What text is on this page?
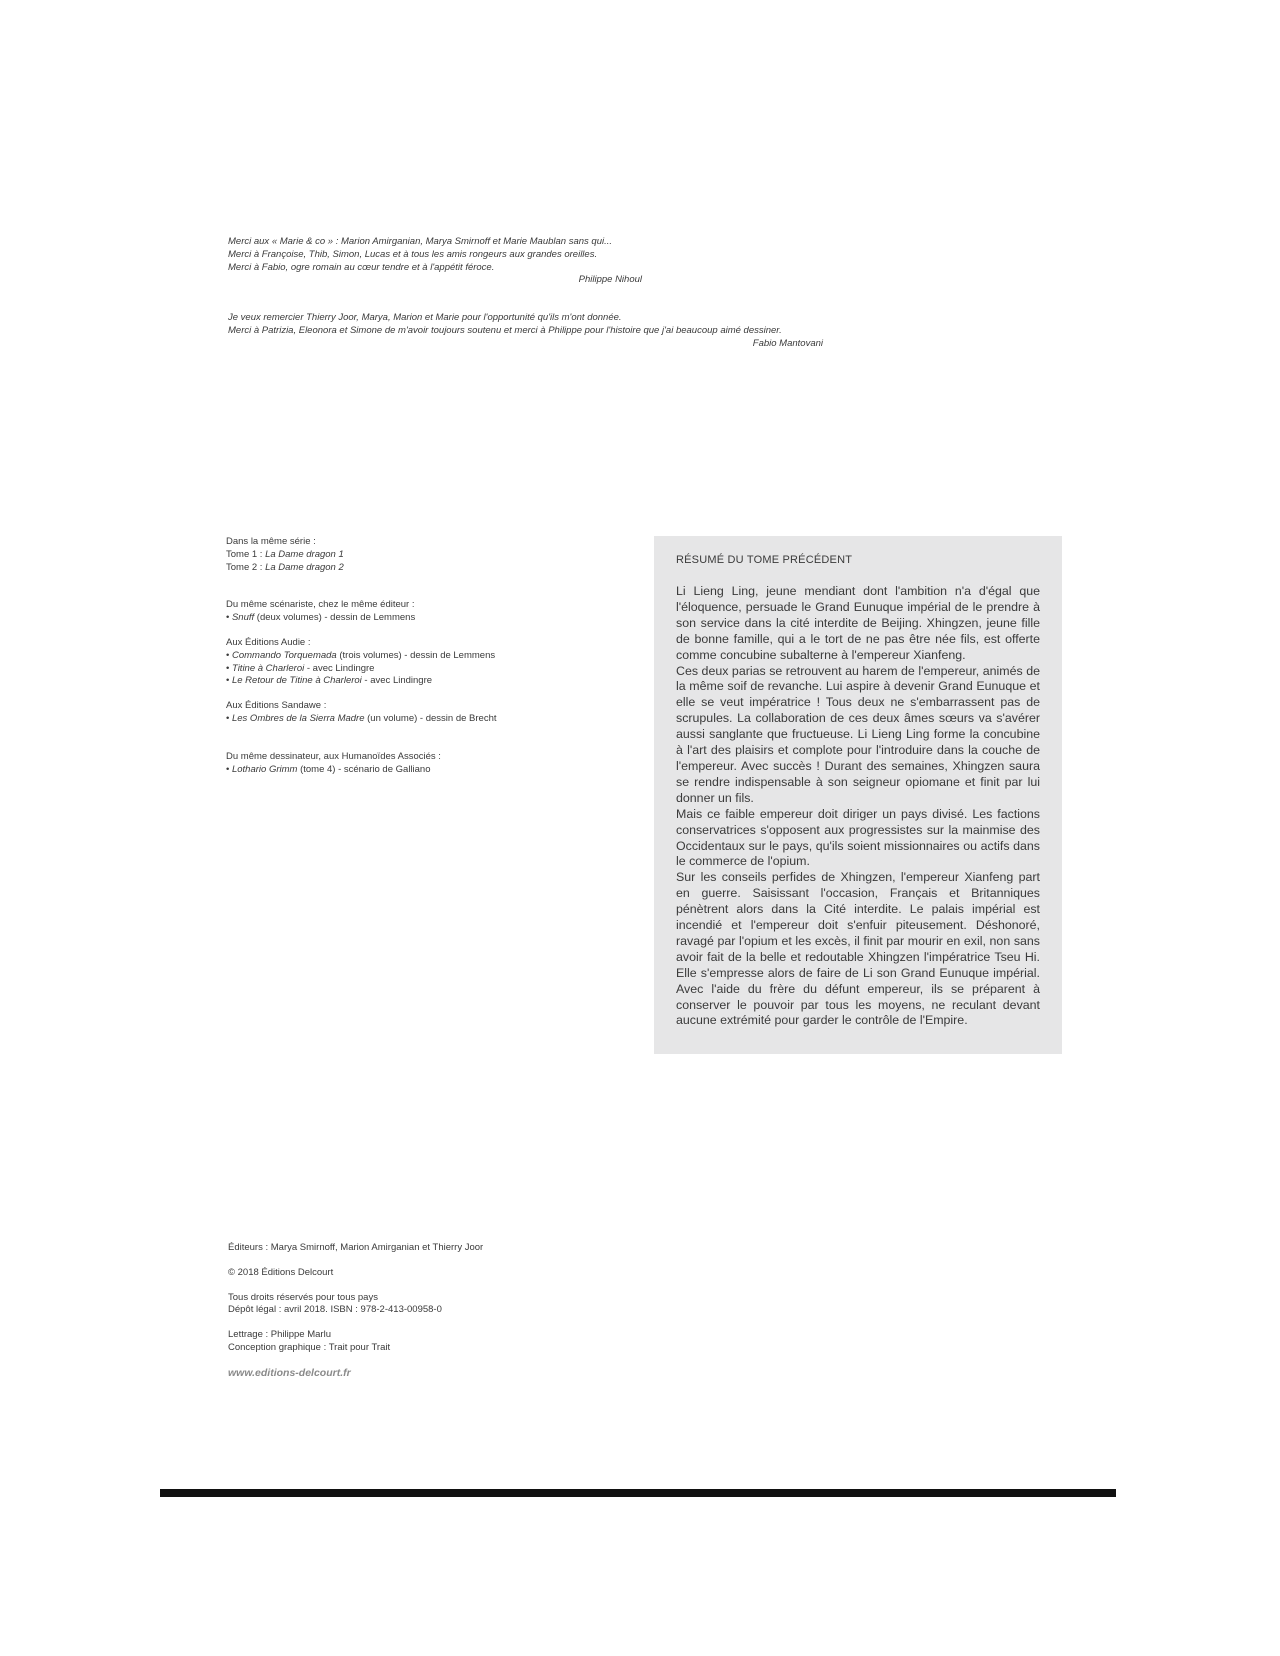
Merci aux « Marie & co » : Marion Amirganian, Marya Smirnoff et Marie Maublan sans qui...
Merci à Françoise, Thib, Simon, Lucas et à tous les amis rongeurs aux grandes oreilles.
Merci à Fabio, ogre romain au cœur tendre et à l'appétit féroce.
Philippe Nihoul
Je veux remercier Thierry Joor, Marya, Marion et Marie pour l'opportunité qu'ils m'ont donnée.
Merci à Patrizia, Eleonora et Simone de m'avoir toujours soutenu et merci à Philippe pour l'histoire que j'ai beaucoup aimé dessiner.
Fabio Mantovani
Dans la même série :
Tome 1 : La Dame dragon 1
Tome 2 : La Dame dragon 2
Du même scénariste, chez le même éditeur :
• Snuff (deux volumes) - dessin de Lemmens
Aux Éditions Audie :
• Commando Torquemada (trois volumes) - dessin de Lemmens
• Titine à Charleroi - avec Lindingre
• Le Retour de Titine à Charleroi - avec Lindingre
Aux Éditions Sandawe :
• Les Ombres de la Sierra Madre (un volume) - dessin de Brecht
Du même dessinateur, aux Humanoïdes Associés :
• Lothario Grimm (tome 4) - scénario de Galliano
RÉSUMÉ DU TOME PRÉCÉDENT

Li Lieng Ling, jeune mendiant dont l'ambition n'a d'égal que l'éloquence, persuade le Grand Eunuque impérial de le prendre à son service dans la cité interdite de Beijing. Xhingzen, jeune fille de bonne famille, qui a le tort de ne pas être née fils, est offerte comme concubine subalterne à l'empereur Xianfeng.

Ces deux parias se retrouvent au harem de l'empereur, animés de la même soif de revanche. Lui aspire à devenir Grand Eunuque et elle se veut impératrice ! Tous deux ne s'embarrassent pas de scrupules. La collaboration de ces deux âmes sœurs va s'avérer aussi sanglante que fructueuse. Li Lieng Ling forme la concubine à l'art des plaisirs et complote pour l'introduire dans la couche de l'empereur. Avec succès ! Durant des semaines, Xhingzen saura se rendre indispensable à son seigneur opiomane et finit par lui donner un fils.

Mais ce faible empereur doit diriger un pays divisé. Les factions conservatrices s'opposent aux progressistes sur la mainmise des Occidentaux sur le pays, qu'ils soient missionnaires ou actifs dans le commerce de l'opium.

Sur les conseils perfides de Xhingzen, l'empereur Xianfeng part en guerre. Saisissant l'occasion, Français et Britanniques pénètrent alors dans la Cité interdite. Le palais impérial est incendié et l'empereur doit s'enfuir piteusement. Déshonoré, ravagé par l'opium et les excès, il finit par mourir en exil, non sans avoir fait de la belle et redoutable Xhingzen l'impératrice Tseu Hi. Elle s'empresse alors de faire de Li son Grand Eunuque impérial. Avec l'aide du frère du défunt empereur, ils se préparent à conserver le pouvoir par tous les moyens, ne reculant devant aucune extrémité pour garder le contrôle de l'Empire.

Éditeurs : Marya Smirnoff, Marion Amirganian et Thierry Joor
© 2018 Éditions Delcourt
Tous droits réservés pour tous pays
Dépôt légal : avril 2018. ISBN : 978-2-413-00958-0
Lettrage : Philippe Marlu
Conception graphique : Trait pour Trait
www.editions-delcourt.fr
